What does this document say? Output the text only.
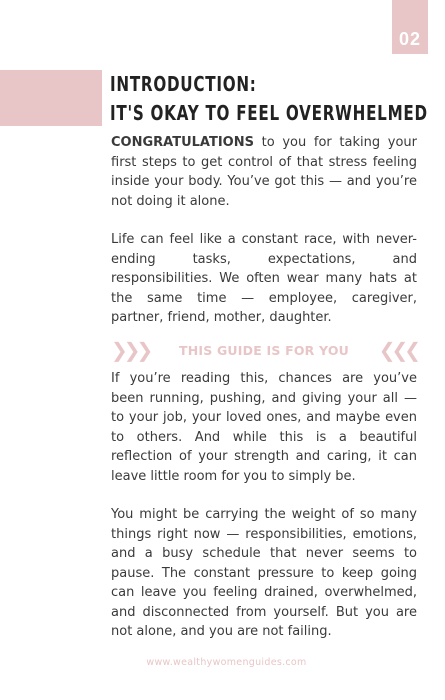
02
INTRODUCTION:
IT'S OKAY TO FEEL OVERWHELMED

CONGRATULATIONS to you for taking your first steps to get control of that stress feeling inside your body. You’ve got this — and you’re not doing it alone.

Life can feel like a constant race, with never-ending tasks, expectations, and responsibilities. We often wear many hats at the same time — employee, caregiver, partner, friend, mother, daughter.

❯❯❯ THIS GUIDE IS FOR YOU ❮❮❮

If you’re reading this, chances are you’ve been running, pushing, and giving your all — to your job, your loved ones, and maybe even to others. And while this is a beautiful reflection of your strength and caring, it can leave little room for you to simply be.

You might be carrying the weight of so many things right now — responsibilities, emotions, and a busy schedule that never seems to pause. The constant pressure to keep going can leave you feeling drained, overwhelmed, and disconnected from yourself. But you are not alone, and you are not failing.

www.wealthywomenguides.com
